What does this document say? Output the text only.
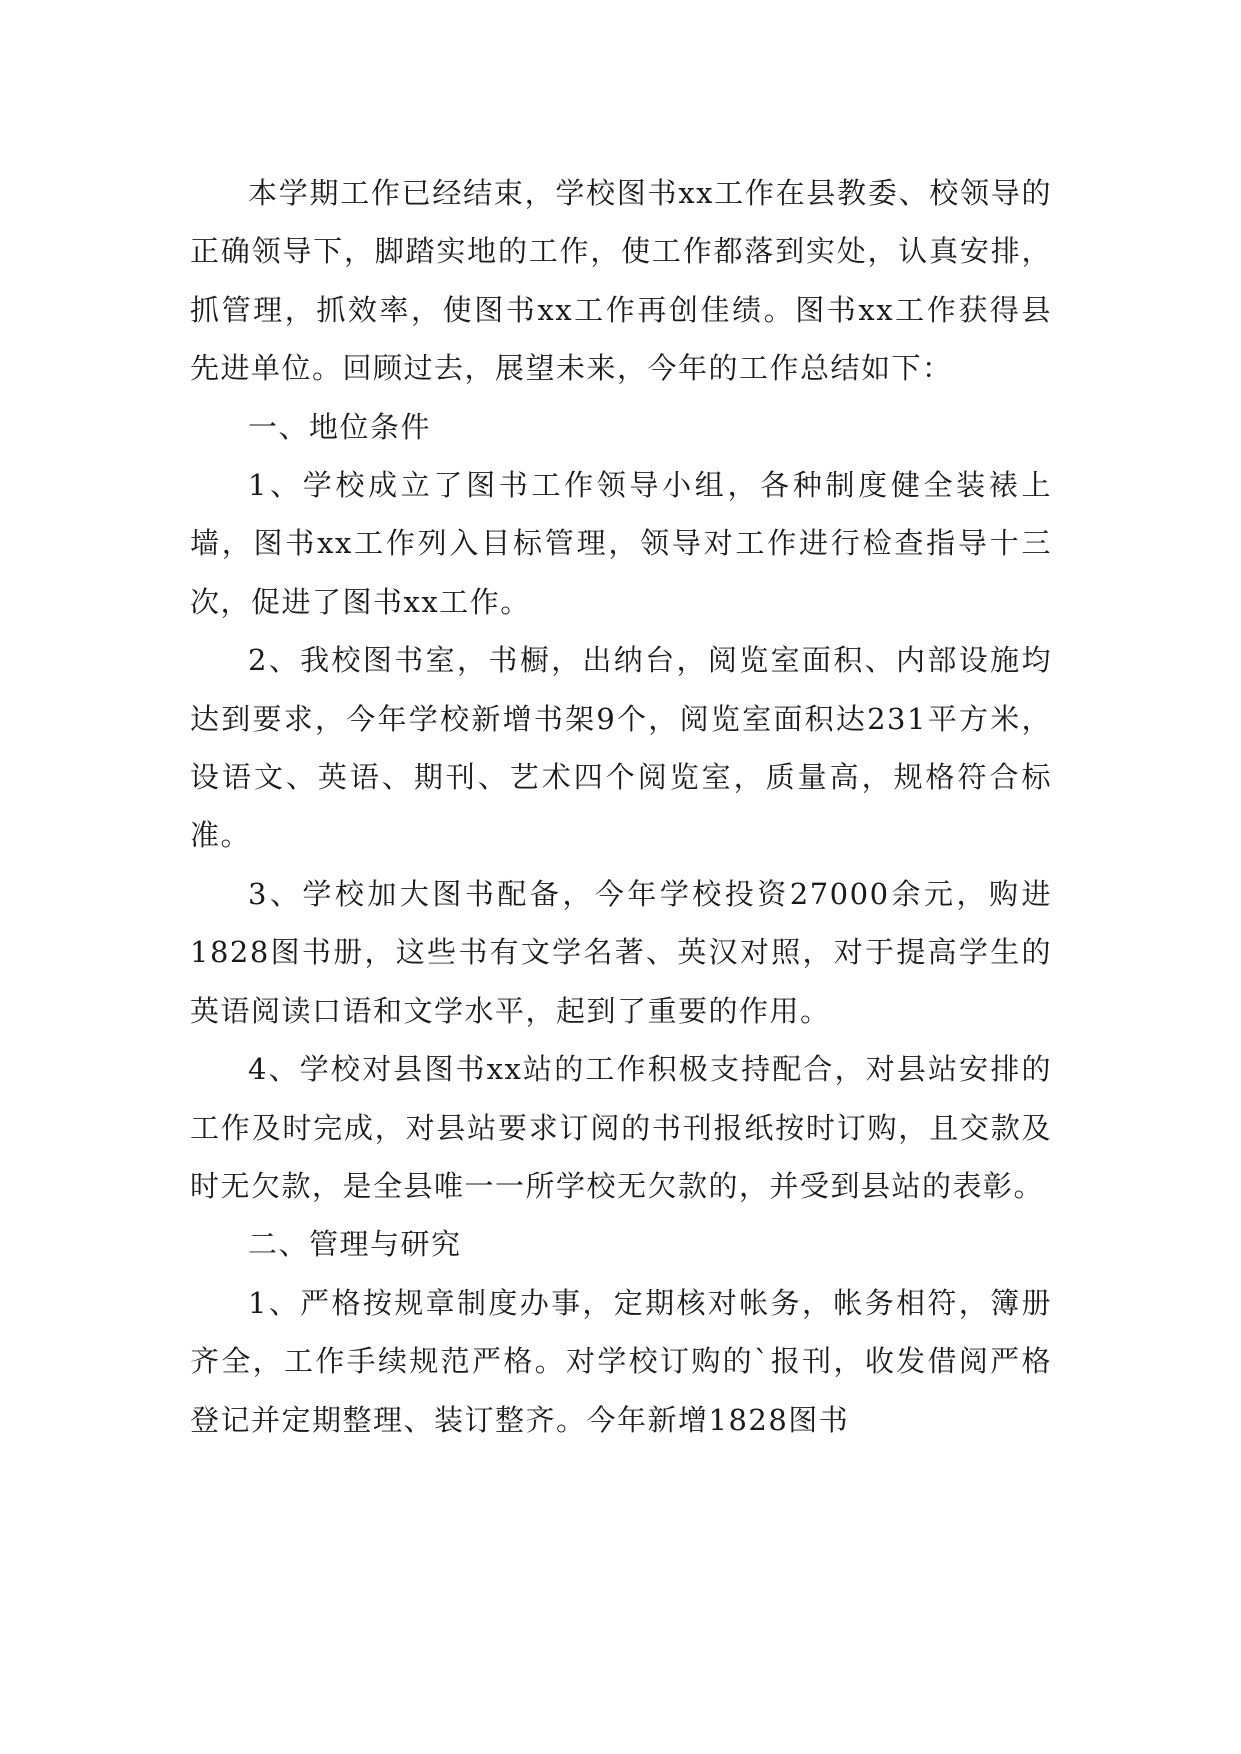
本学期工作已经结束，学校图书xx工作在县教委、校领导的正确领导下，脚踏实地的工作，使工作都落到实处，认真安排，抓管理，抓效率，使图书xx工作再创佳绩。图书xx工作获得县先进单位。回顾过去，展望未来，今年的工作总结如下：

一、地位条件

1、学校成立了图书工作领导小组，各种制度健全装裱上墙，图书xx工作列入目标管理，领导对工作进行检查指导十三次，促进了图书xx工作。

2、我校图书室，书橱，出纳台，阅览室面积、内部设施均达到要求，今年学校新增书架9个，阅览室面积达231平方米，设语文、英语、期刊、艺术四个阅览室，质量高，规格符合标准。

3、学校加大图书配备，今年学校投资27000余元，购进1828图书册，这些书有文学名著、英汉对照，对于提高学生的英语阅读口语和文学水平，起到了重要的作用。

4、学校对县图书xx站的工作积极支持配合，对县站安排的工作及时完成，对县站要求订阅的书刊报纸按时订购，且交款及时无欠款，是全县唯一一所学校无欠款的，并受到县站的表彰。

二、管理与研究

1、严格按规章制度办事，定期核对帐务，帐务相符，簿册齐全，工作手续规范严格。对学校订购的`报刊，收发借阅严格登记并定期整理、装订整齐。今年新增1828图书
